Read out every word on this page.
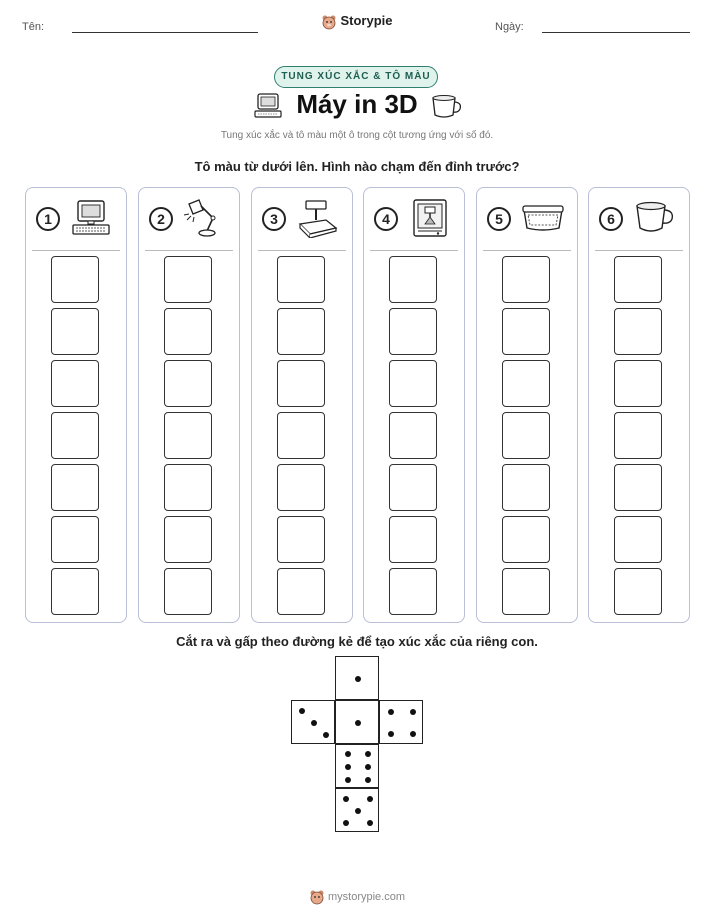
Tên:	Storypie	Ngày:
TUNG XÚC XẮC & TÔ MÀU
Máy in 3D
Tung xúc xắc và tô màu một ô trong cột tương ứng với số đó.
Tô màu từ dưới lên. Hình nào chạm đến đỉnh trước?
1	2	3	4	5	6
Cắt ra và gấp theo đường kẻ để tạo xúc xắc của riêng con.
mystorypie.com
